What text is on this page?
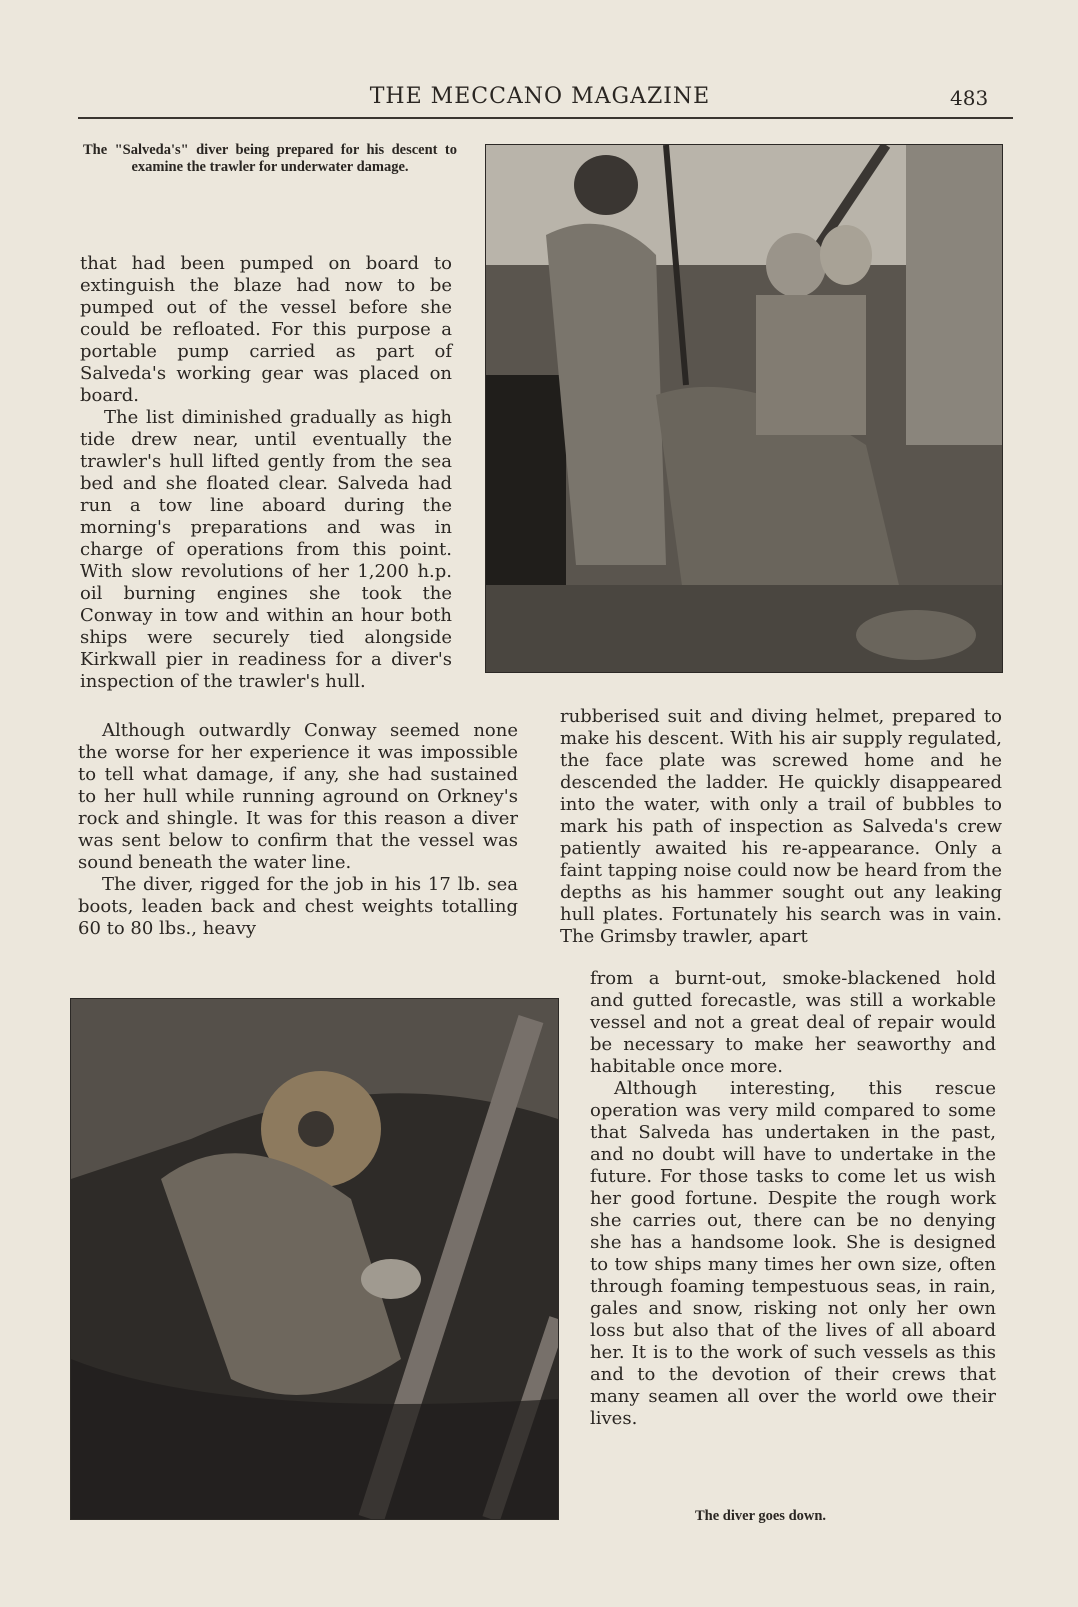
THE MECCANO MAGAZINE	483
The "Salveda's" diver being prepared for his descent to examine the trawler for underwater damage.

that had been pumped on board to extinguish the blaze had now to be pumped out of the vessel before she could be refloated. For this purpose a portable pump carried as part of Salveda's working gear was placed on board.

The list diminished gradually as high tide drew near, until eventually the trawler's hull lifted gently from the sea bed and she floated clear. Salveda had run a tow line aboard during the morning's preparations and was in charge of operations from this point. With slow revolutions of her 1,200 h.p. oil burning engines she took the Conway in tow and within an hour both ships were securely tied alongside Kirkwall pier in readiness for a diver's inspection of the trawler's hull.

Although outwardly Conway seemed none the worse for her experience it was impossible to tell what damage, if any, she had sustained to her hull while running aground on Orkney's rock and shingle. It was for this reason a diver was sent below to confirm that the vessel was sound beneath the water line.

The diver, rigged for the job in his 17 lb. sea boots, leaden back and chest weights totalling 60 to 80 lbs., heavy

rubberised suit and diving helmet, prepared to make his descent. With his air supply regulated, the face plate was screwed home and he descended the ladder. He quickly disappeared into the water, with only a trail of bubbles to mark his path of inspection as Salveda's crew patiently awaited his re-appearance. Only a faint tapping noise could now be heard from the depths as his hammer sought out any leaking hull plates. Fortunately his search was in vain. The Grimsby trawler, apart

from a burnt-out, smoke-blackened hold and gutted forecastle, was still a workable vessel and not a great deal of repair would be necessary to make her seaworthy and habitable once more.

Although interesting, this rescue operation was very mild compared to some that Salveda has undertaken in the past, and no doubt will have to undertake in the future. For those tasks to come let us wish her good fortune. Despite the rough work she carries out, there can be no denying she has a handsome look. She is designed to tow ships many times her own size, often through foaming tempestuous seas, in rain, gales and snow, risking not only her own loss but also that of the lives of all aboard her. It is to the work of such vessels as this and to the devotion of their crews that many seamen all over the world owe their lives.

The diver goes down.
